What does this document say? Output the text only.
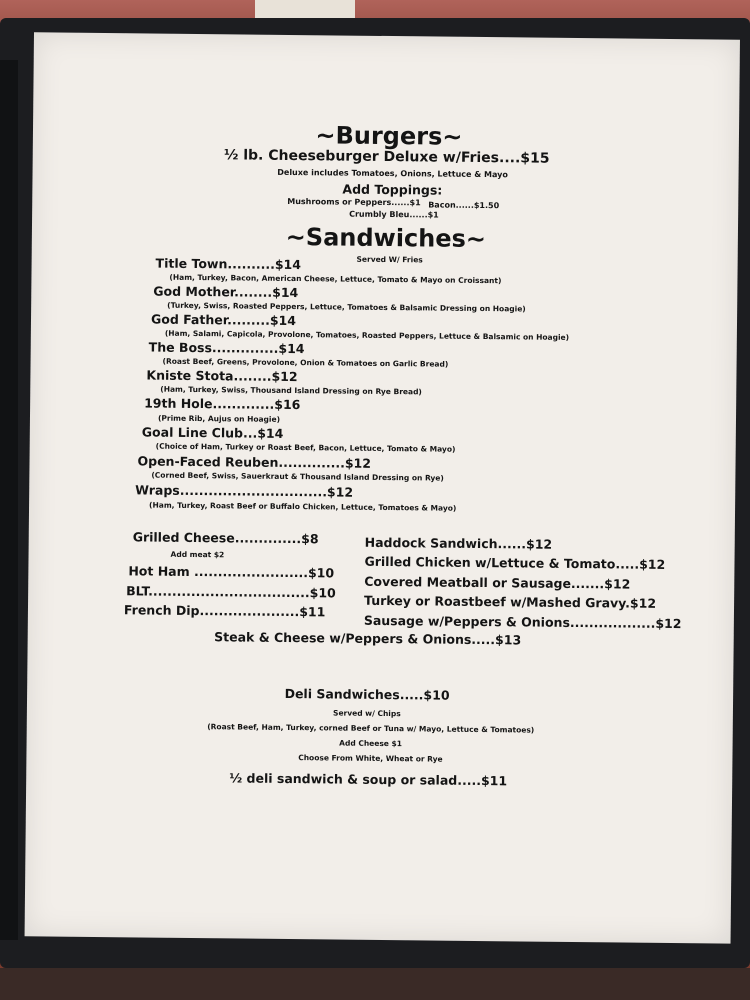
~Burgers~
½ lb. Cheeseburger Deluxe w/Fries....$15
Deluxe includes Tomatoes, Onions, Lettuce & Mayo
Add Toppings:
Mushrooms or Peppers......$1 Bacon......$1.50
Crumbly Bleu......$1
~Sandwiches~
Served W/ Fries
Title Town..........$14
(Ham, Turkey, Bacon, American Cheese, Lettuce, Tomato & Mayo on Croissant)
God Mother........$14
(Turkey, Swiss, Roasted Peppers, Lettuce, Tomatoes & Balsamic Dressing on Hoagie)
God Father.........$14
(Ham, Salami, Capicola, Provolone, Tomatoes, Roasted Peppers, Lettuce & Balsamic on Hoagie)
The Boss..............$14
(Roast Beef, Greens, Provolone, Onion & Tomatoes on Garlic Bread)
Kniste Stota........$12
(Ham, Turkey, Swiss, Thousand Island Dressing on Rye Bread)
19th Hole.............$16
(Prime Rib, Aujus on Hoagie)
Goal Line Club...$14
(Choice of Ham, Turkey or Roast Beef, Bacon, Lettuce, Tomato & Mayo)
Open-Faced Reuben..............$12
(Corned Beef, Swiss, Sauerkraut & Thousand Island Dressing on Rye)
Wraps...............................$12
(Ham, Turkey, Roast Beef or Buffalo Chicken, Lettuce, Tomatoes & Mayo)
Grilled Cheese..............$8
Add meat $2
Hot Ham ........................$10
BLT..................................$10
French Dip.....................$11
Haddock Sandwich......$12
Grilled Chicken w/Lettuce & Tomato.....$12
Covered Meatball or Sausage.......$12
Turkey or Roastbeef w/Mashed Gravy.$12
Sausage w/Peppers & Onions..................$12
Steak & Cheese w/Peppers & Onions.....$13
Deli Sandwiches.....$10
Served w/ Chips
(Roast Beef, Ham, Turkey, corned Beef or Tuna w/ Mayo, Lettuce & Tomatoes)
Add Cheese $1
Choose From White, Wheat or Rye
½ deli sandwich & soup or salad.....$11
